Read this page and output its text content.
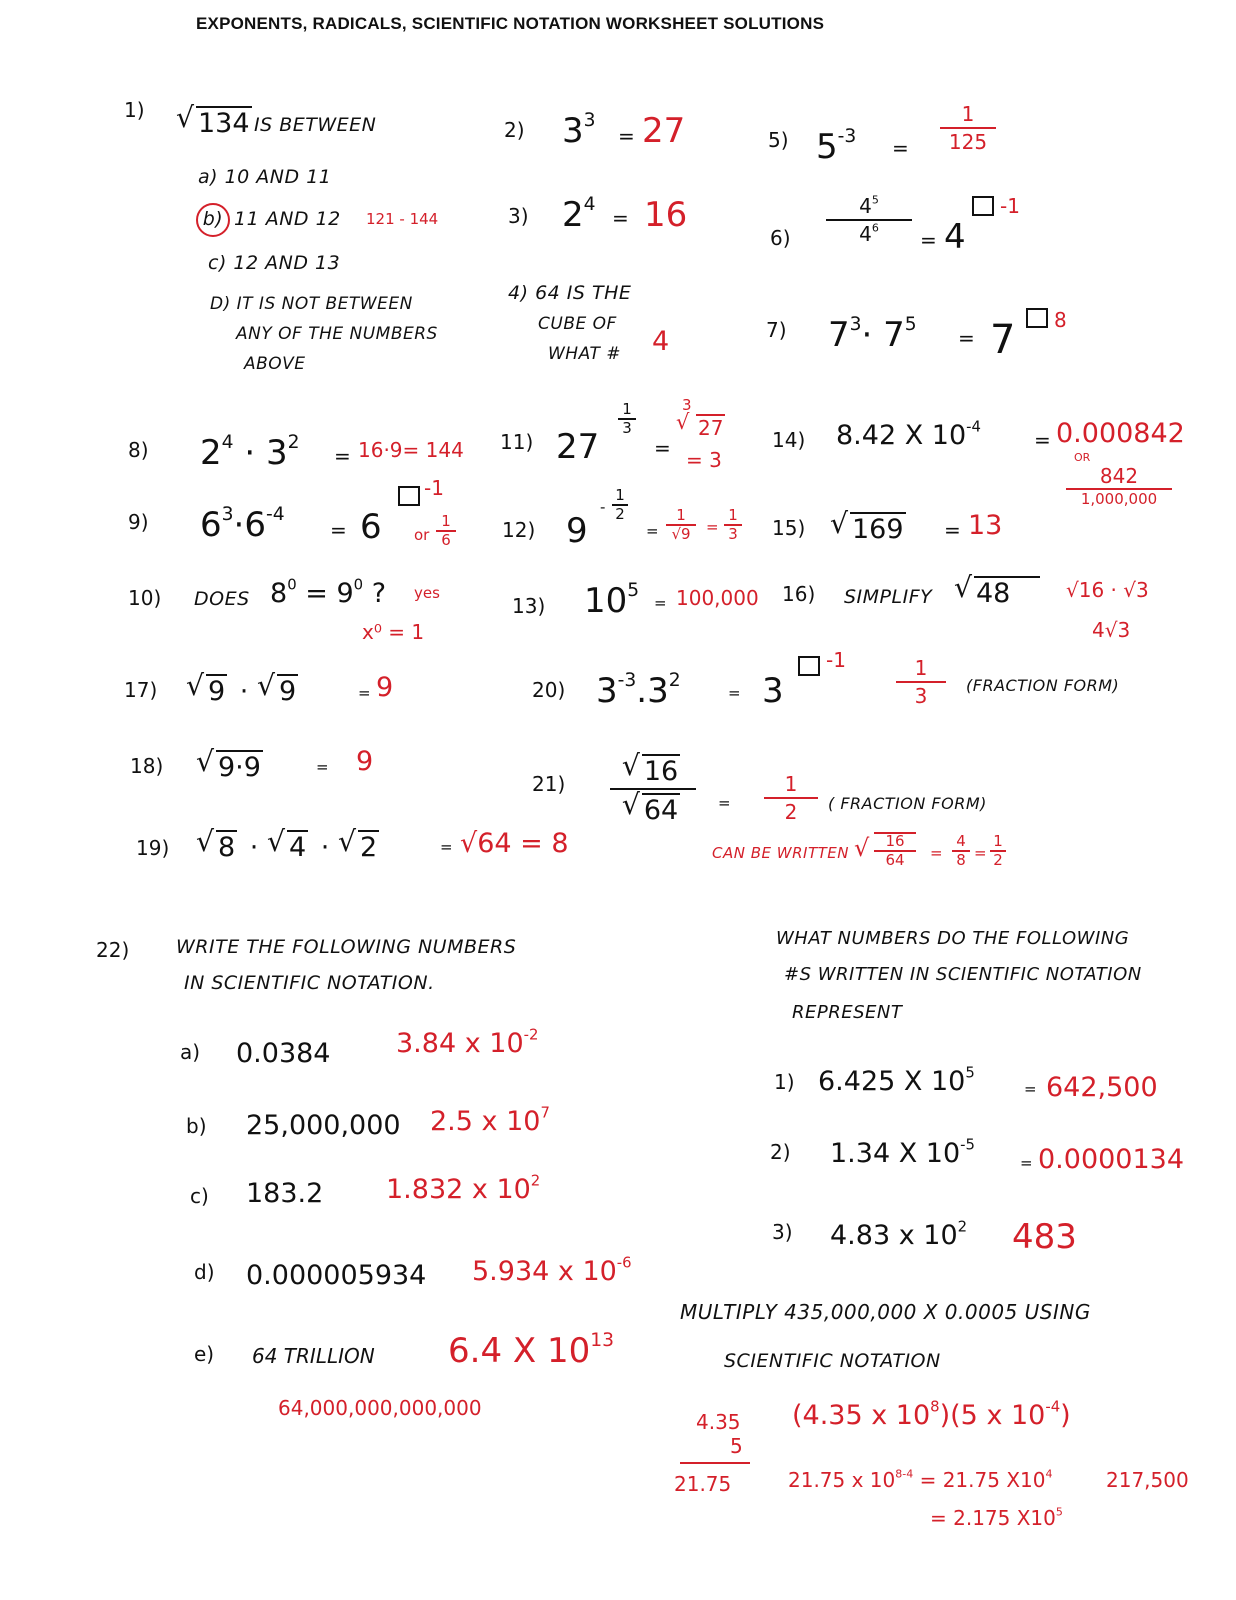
EXPONENTS, RADICALS, SCIENTIFIC NOTATION WORKSHEET SOLUTIONS
1)	√ 134 IS BETWEEN
a) 10 AND 11
b) 11 AND 12 121 - 144
c) 12 AND 13
D) IT IS NOT BETWEEN
ANY OF THE NUMBERS
ABOVE
2) $3^3$
= 27
3) $2^4$
= 16
4) 64 IS THE
CUBE OF
WHAT # 4
5) $5^{-3}$ =
1
125
6)
$4^5$
$4^6$	= 4
-1
7) $7^3\cdot 7^5$
= 7 8
8) $2^4 \cdot 3^2$
= 16·9= 144
9) $6^3\cdot 6^{-4}$
= 6
-1
or
1
6
10) DOES $8^0 = 9^0$ ? yes
x⁰ = 1
11) 27
1
3
=
3
√ 27
= 3
12) 9
-
1
2
=
1
√9	=
1
3
13) $10^5$
= 100,000
14) 8.42 X $10^{-4}$
= 0.000842
OR
842
1,000,000
15)	√ 169	= 13
16) SIMPLIFY	√ 48	√16 · √3
4√3
17)	√ 9 · √ 9	= 9
18)	√ 9·9	= 9
19)	√ 8 · √ 4 · √ 2	= √64 = 8
20) $3^{-3}.3^2$
= 3
-1	1
3	(FRACTION FORM)
21)	√ 16
√ 64	=
1
2	( FRACTION FORM)
CAN BE WRITTEN √	16
64	=
4
8 =
1
2
22) WRITE THE FOLLOWING NUMBERS
IN SCIENTIFIC NOTATION.
a) 0.0384 3.84 x $10^{-2}$
b) 25,000,000 2.5 x $10^7$
c) 183.2 1.832 x $10^2$
d) 0.000005934 5.934 x $10^{-6}$
e) 64 TRILLION 6.4 X $10^{13}$
64,000,000,000,000
WHAT NUMBERS DO THE FOLLOWING
#S WRITTEN IN SCIENTIFIC NOTATION
REPRESENT
1) 6.425 X $10^5$
= 642,500
2) 1.34 X $10^{-5}$
= 0.0000134
3) 4.83 x $10^2$ 483
MULTIPLY 435,000,000 X 0.0005 USING
SCIENTIFIC NOTATION
4.35
5
21.75
(4.35 x $10^8)(5$ x $10^{-4}$)
21.75 x $10^{8-4} = 21.75$ $X10^4$	217,500
= 2.175 $X10^5$
